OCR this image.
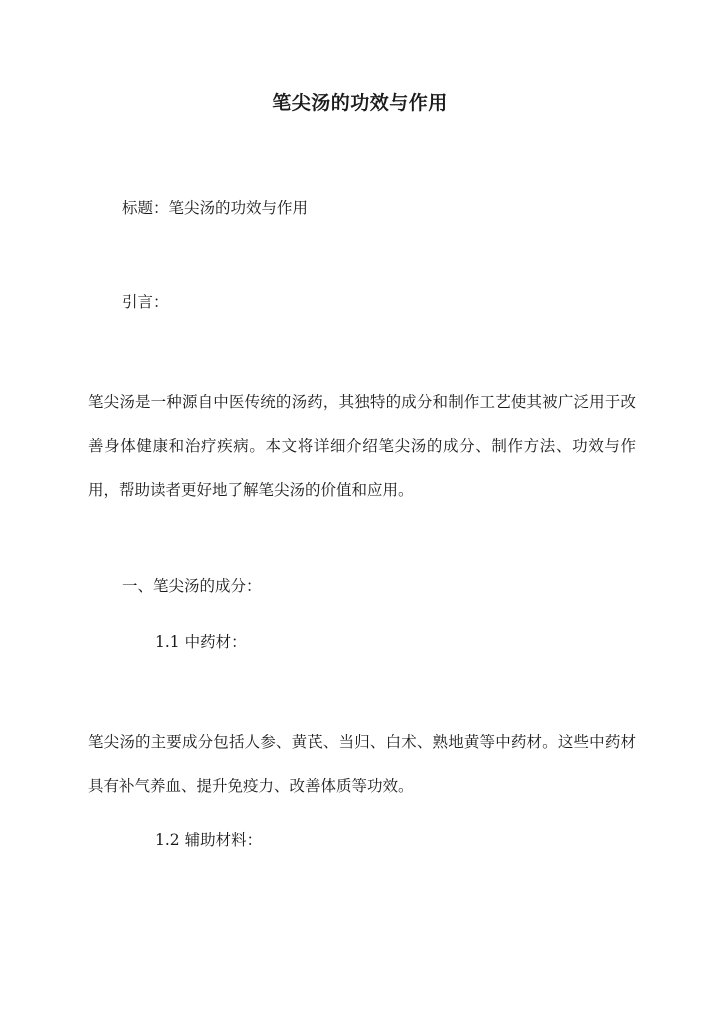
笔尖汤的功效与作用

标题：笔尖汤的功效与作用

引言：

笔尖汤是一种源自中医传统的汤药，其独特的成分和制作工艺使其被广泛用于改善身体健康和治疗疾病。本文将详细介绍笔尖汤的成分、制作方法、功效与作用，帮助读者更好地了解笔尖汤的价值和应用。

一、笔尖汤的成分：

1.1 中药材：

笔尖汤的主要成分包括人参、黄芪、当归、白术、熟地黄等中药材。这些中药材具有补气养血、提升免疫力、改善体质等功效。

1.2 辅助材料：
